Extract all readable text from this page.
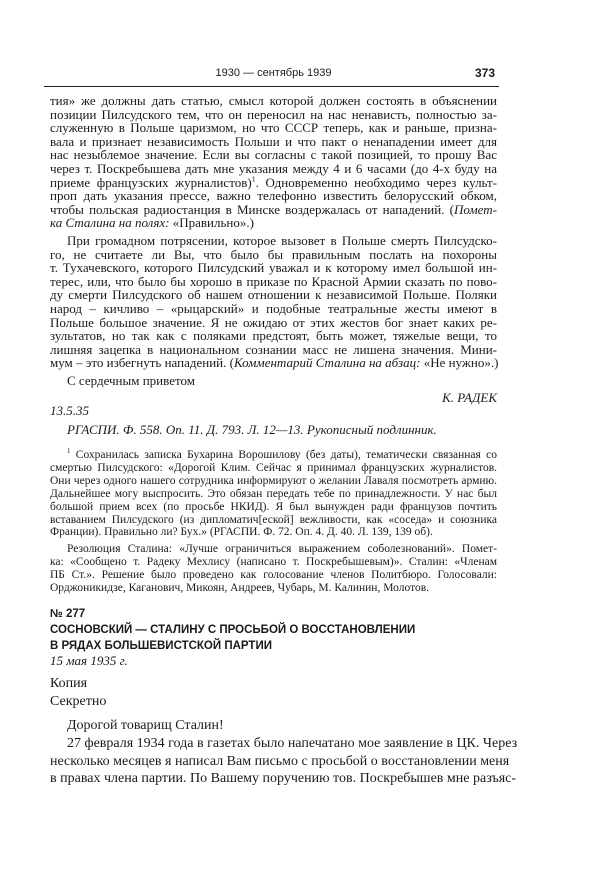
1930 — сентябрь 1939	373
тия» же должны дать статью, смысл которой должен состоять в объяснении
позиции Пилсудского тем, что он переносил на нас ненависть, полностью за-
служенную в Польше царизмом, но что СССР теперь, как и раньше, призна-
вала и признает независимость Польши и что пакт о ненападении имеет для
нас незыблемое значение. Если вы согласны с такой позицией, то прошу Вас
через т. Поскребышева дать мне указания между 4 и 6 часами (до 4-х буду на
приеме французских журналистов)$^1$. Одновременно необходимо через культ-
проп дать указания прессе, важно телефонно известить белорусский обком,
чтобы польская радиостанция в Минске воздержалась от нападений. (Помет-
ка Сталина на полях: «Правильно».)
При громадном потрясении, которое вызовет в Польше смерть Пилсудско-
го, не считаете ли Вы, что было бы правильным послать на похороны
т. Тухачевского, которого Пилсудский уважал и к которому имел большой ин-
терес, или, что было бы хорошо в приказе по Красной Армии сказать по пово-
ду смерти Пилсудского об нашем отношении к независимой Польше. Поляки
народ – кичливо – «рыцарский» и подобные театральные жесты имеют в
Польше большое значение. Я не ожидаю от этих жестов бог знает каких ре-
зультатов, но так как с поляками предстоят, быть может, тяжелые вещи, то
лишняя зацепка в национальном сознании масс не лишена значения. Мини-
мум – это избегнуть нападений. (Комментарий Сталина на абзац: «Не нужно».)
С сердечным приветом
К. РАДЕК
13.5.35
РГАСПИ. Ф. 558. Оп. 11. Д. 793. Л. 12—13. Рукописный подлинник.
$^1$ Сохранилась записка Бухарина Ворошилову (без даты), тематически связанная со
смертью Пилсудского: «Дорогой Клим. Сейчас я принимал французских журналистов.
Они через одного нашего сотрудника информируют о желании Лаваля посмотреть армию.
Дальнейшее могу выспросить. Это обязан передать тебе по принадлежности. У нас был
большой прием всех (по просьбе НКИД). Я был вынужден ради французов почтить
вставанием Пилсудского (из дипломатич[еской] вежливости, как «соседа» и союзника
Франции). Правильно ли? Бух.» (РГАСПИ. Ф. 72. Оп. 4. Д. 40. Л. 139, 139 об).
Резолюция Сталина: «Лучше ограничиться выражением соболезнований». Помет-
ка: «Сообщено т. Радеку Мехлису (написано т. Поскребышевым)». Сталин: «Членам
ПБ Ст.». Решение было проведено как голосование членов Политбюро. Голосовали:
Орджоникидзе, Каганович, Микоян, Андреев, Чубарь, М. Калинин, Молотов.
№ 277
СОСНОВСКИЙ — СТАЛИНУ С ПРОСЬБОЙ О ВОССТАНОВЛЕНИИ
В РЯДАХ БОЛЬШЕВИСТСКОЙ ПАРТИИ
15 мая 1935 г.
Копия
Секретно
Дорогой товарищ Сталин!
27 февраля 1934 года в газетах было напечатано мое заявление в ЦК. Через
несколько месяцев я написал Вам письмо с просьбой о восстановлении меня
в правах члена партии. По Вашему поручению тов. Поскребышев мне разъяс-
